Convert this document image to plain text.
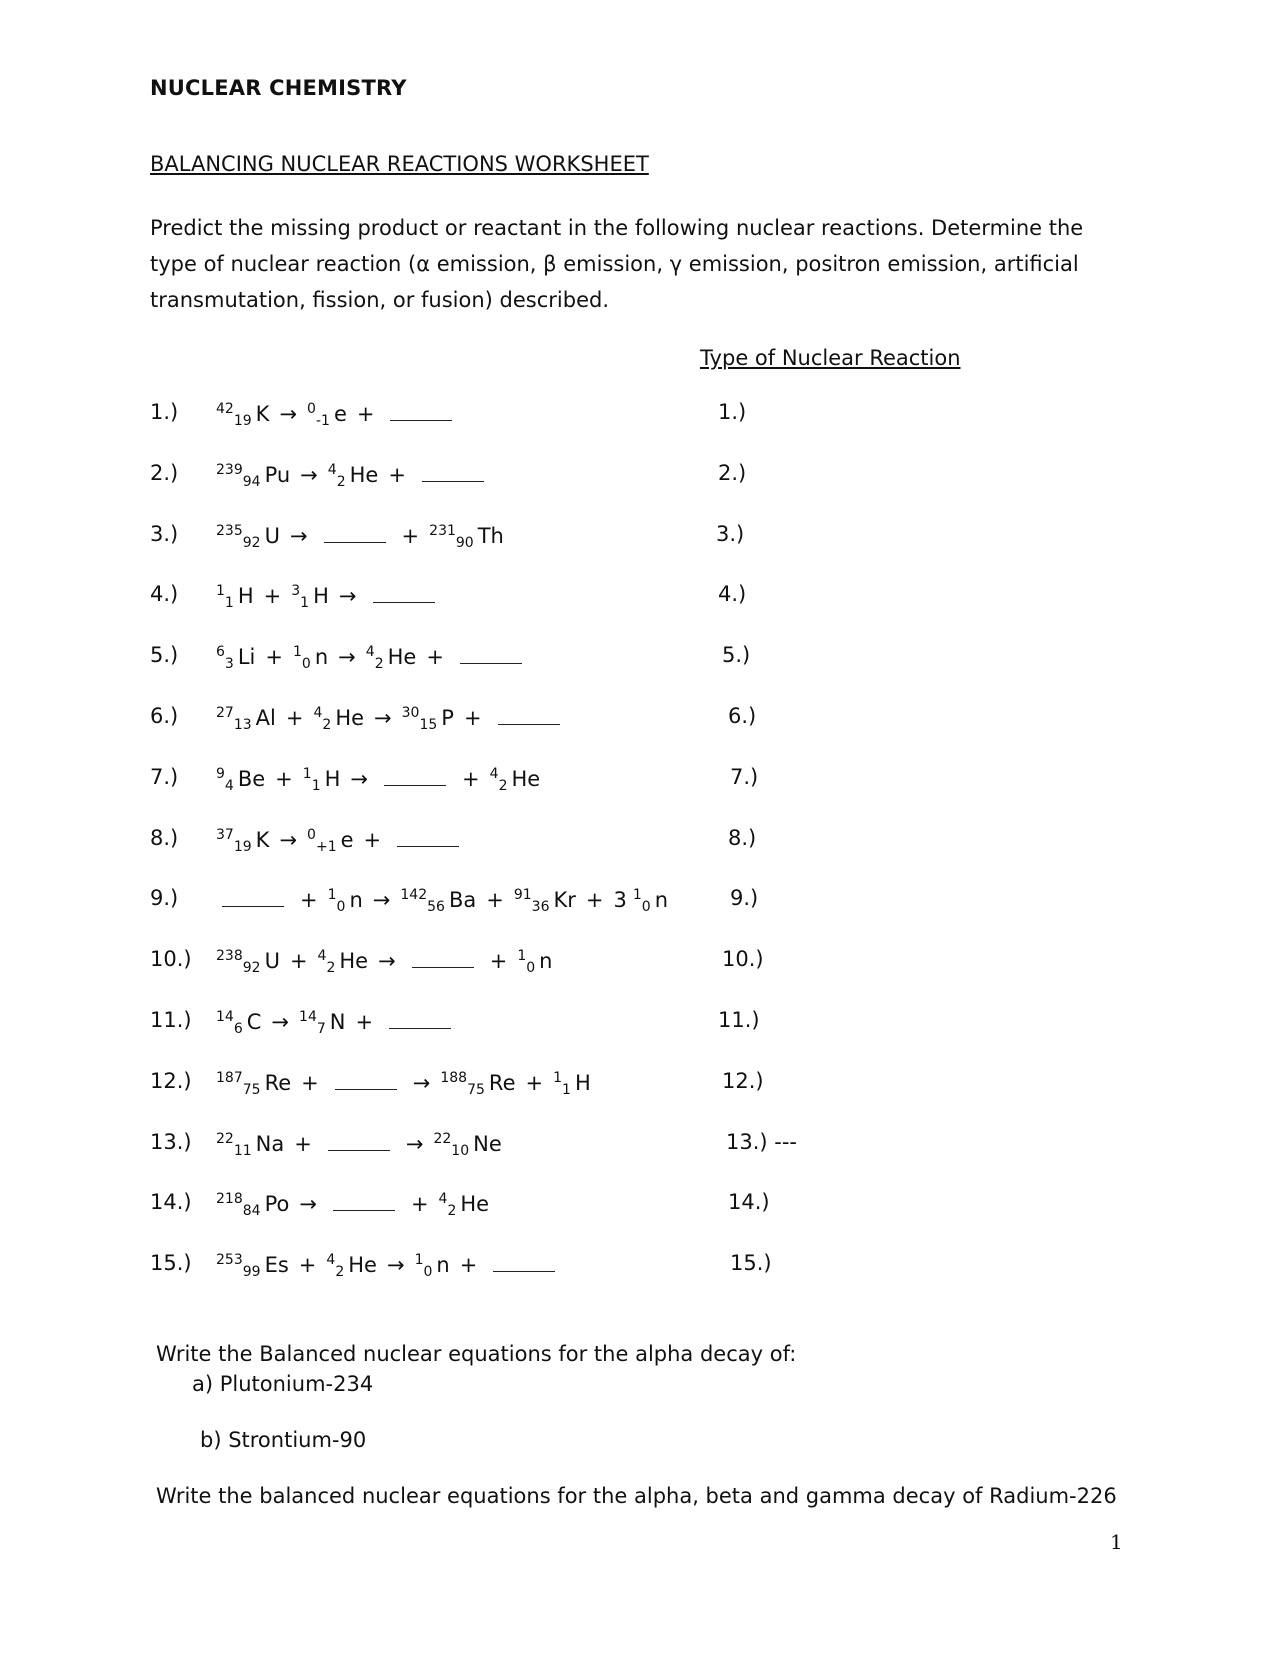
NUCLEAR CHEMISTRY
BALANCING NUCLEAR REACTIONS WORKSHEET
Predict the missing product or reactant in the following nuclear reactions. Determine the type of nuclear reaction (α emission, β emission, γ emission, positron emission, artificial transmutation, fission, or fusion) described.
Type of Nuclear Reaction
1.)	$^{42}$19 K → $^0$-1 e +	1.)
2.)	$^{239}$94 Pu → $^4$2 He +	2.)
3.)	$^{235}$92 U →	+ $^{231}$90 Th	3.)
4.)	$^1$1 H + $^3$1 H →	4.)
5.)	$^6$3 Li + $^1$0 n → $^4$2 He +	5.)
6.)	$^{27}$13 Al + $^4$2 He → $^{30}$15 P +	6.)
7.)	$^9$4 Be + $^1$1 H →	+ $^4$2 He	7.)
8.)	$^{37}$19 K → $^0$+1 e +	8.)
9.)	+ $^1$0 n → $^{142}$56 Ba + $^{91}$36 Kr + 3 $^1$0 n	9.)
10.) $^{238}$92 U + $^4$2 He →	+ $^1$0 n	10.)
11.) $^{14}$6 C → $^{14}$7 N +	11.)
12.) $^{187}$75 Re +	→ $^{188}$75 Re + $^1$1 H	12.)
13.) $^{22}$11 Na +	→ $^{22}$10 Ne	13.) ---
14.) $^{218}$84 Po →	+ $^4$2 He	14.)
15.) $^{253}$99 Es + $^4$2 He → $^1$0 n +	15.)
Write the Balanced nuclear equations for the alpha decay of:
a) Plutonium-234
b) Strontium-90
Write the balanced nuclear equations for the alpha, beta and gamma decay of Radium-226
1
